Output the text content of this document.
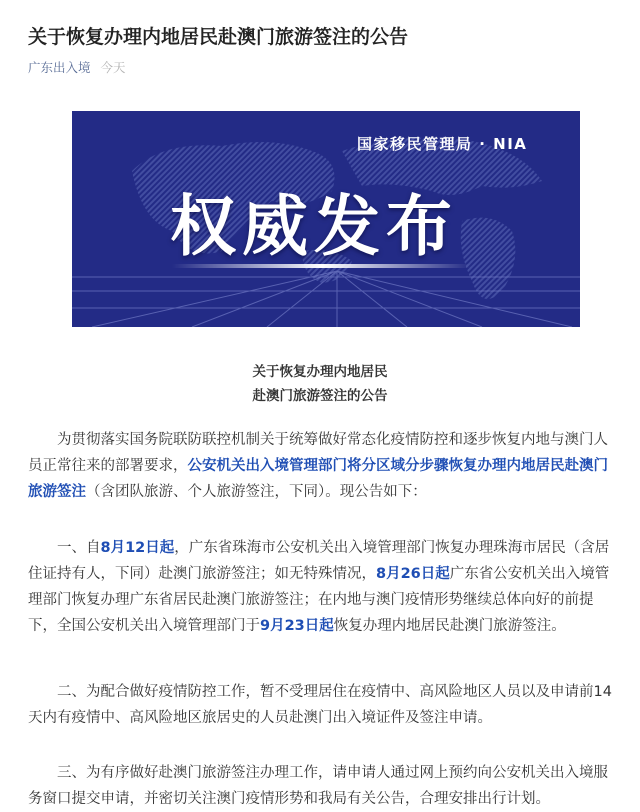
关于恢复办理内地居民赴澳门旅游签注的公告
广东出入境 今天
国家移民管理局 · NIA
权威发布
关于恢复办理内地居民
赴澳门旅游签注的公告

为贯彻落实国务院联防联控机制关于统筹做好常态化疫情防控和逐步恢复内地与澳门人员正常往来的部署要求，公安机关出入境管理部门将分区域分步骤恢复办理内地居民赴澳门旅游签注（含团队旅游、个人旅游签注，下同）。现公告如下：

一、自8月12日起，广东省珠海市公安机关出入境管理部门恢复办理珠海市居民（含居住证持有人，下同）赴澳门旅游签注；如无特殊情况，8月26日起广东省公安机关出入境管理部门恢复办理广东省居民赴澳门旅游签注；在内地与澳门疫情形势继续总体向好的前提下，全国公安机关出入境管理部门于9月23日起恢复办理内地居民赴澳门旅游签注。

二、为配合做好疫情防控工作，暂不受理居住在疫情中、高风险地区人员以及申请前14天内有疫情中、高风险地区旅居史的人员赴澳门出入境证件及签注申请。

三、为有序做好赴澳门旅游签注办理工作，请申请人通过网上预约向公安机关出入境服务窗口提交申请，并密切关注澳门疫情形势和我局有关公告，合理安排出行计划。
